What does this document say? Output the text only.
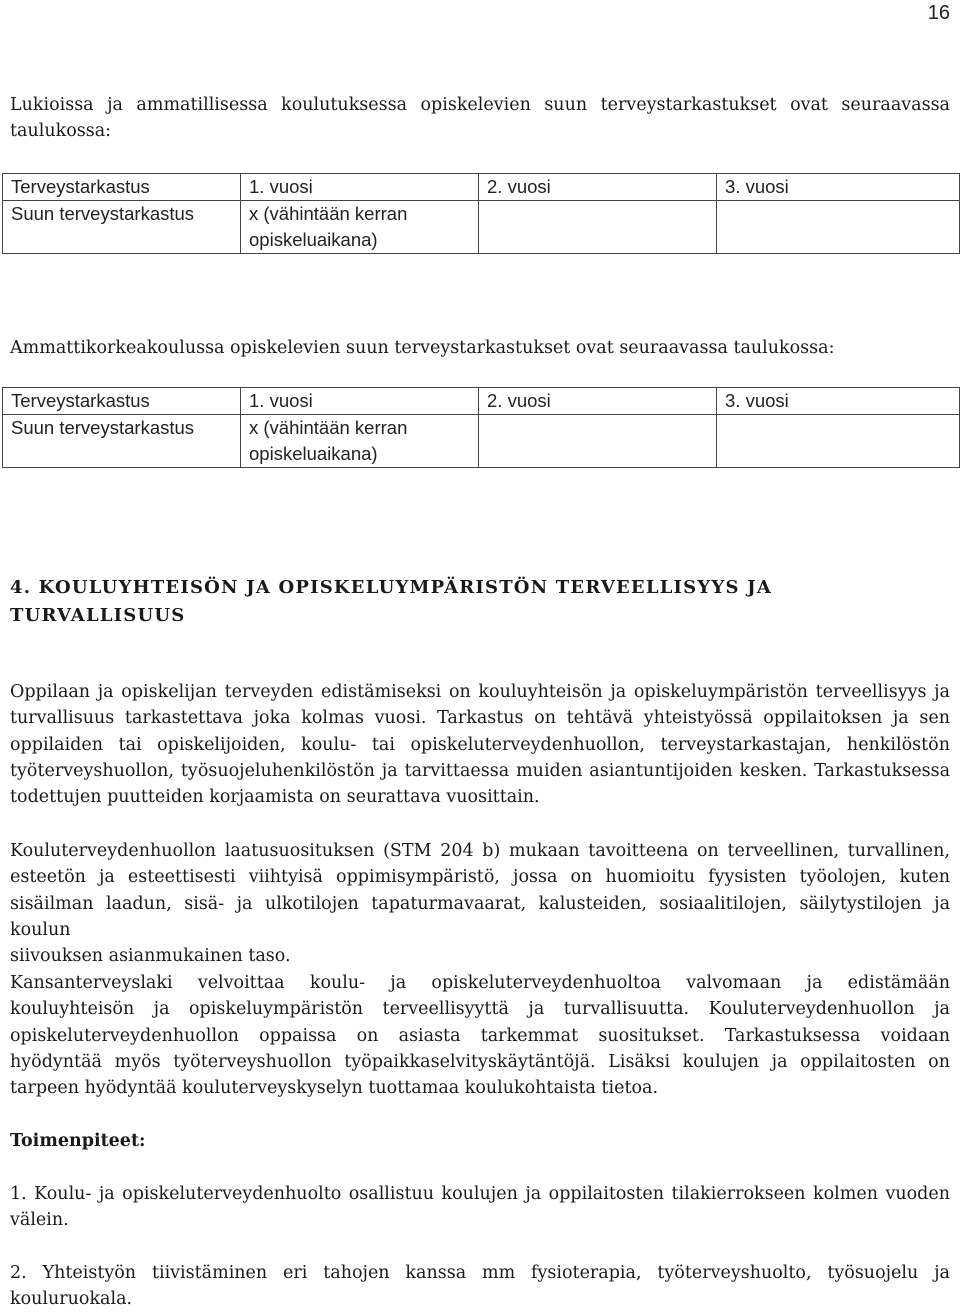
16
Lukioissa ja ammatillisessa koulutuksessa opiskelevien suun terveystarkastukset ovat seuraavassa
taulukossa:
Terveystarkastus	1. vuosi	2. vuosi	3. vuosi
Suun terveystarkastus	x (vähintään kerran opiskeluaikana)		
Ammattikorkeakoulussa opiskelevien suun terveystarkastukset ovat seuraavassa taulukossa:
Terveystarkastus	1. vuosi	2. vuosi	3. vuosi
Suun terveystarkastus	x (vähintään kerran opiskeluaikana)		
4. KOULUYHTEISÖN JA OPISKELUYMPÄRISTÖN TERVEELLISYYS JA
TURVALLISUUS
Oppilaan ja opiskelijan terveyden edistämiseksi on kouluyhteisön ja opiskeluympäristön terveellisyys ja
turvallisuus tarkastettava joka kolmas vuosi. Tarkastus on tehtävä yhteistyössä oppilaitoksen ja sen
oppilaiden tai opiskelijoiden, koulu- tai opiskeluterveydenhuollon, terveystarkastajan, henkilöstön
työterveyshuollon, työsuojeluhenkilöstön ja tarvittaessa muiden asiantuntijoiden kesken. Tarkastuksessa
todettujen puutteiden korjaamista on seurattava vuosittain.
Kouluterveydenhuollon laatusuosituksen (STM 204 b) mukaan tavoitteena on terveellinen, turvallinen,
esteetön ja esteettisesti viihtyisä oppimisympäristö, jossa on huomioitu fyysisten työolojen, kuten
sisäilman laadun, sisä- ja ulkotilojen tapaturmavaarat, kalusteiden, sosiaalitilojen, säilytystilojen ja koulun
siivouksen asianmukainen taso.
Kansanterveyslaki velvoittaa koulu- ja opiskeluterveydenhuoltoa valvomaan ja edistämään
kouluyhteisön ja opiskeluympäristön terveellisyyttä ja turvallisuutta. Kouluterveydenhuollon ja
opiskeluterveydenhuollon oppaissa on asiasta tarkemmat suositukset. Tarkastuksessa voidaan
hyödyntää myös työterveyshuollon työpaikkaselvityskäytäntöjä. Lisäksi koulujen ja oppilaitosten on
tarpeen hyödyntää kouluterveyskyselyn tuottamaa koulukohtaista tietoa.
Toimenpiteet:
1. Koulu- ja opiskeluterveydenhuolto osallistuu koulujen ja oppilaitosten tilakierrokseen kolmen vuoden
välein.
2. Yhteistyön tiivistäminen eri tahojen kanssa mm fysioterapia, työterveyshuolto, työsuojelu ja
kouluruokala.
